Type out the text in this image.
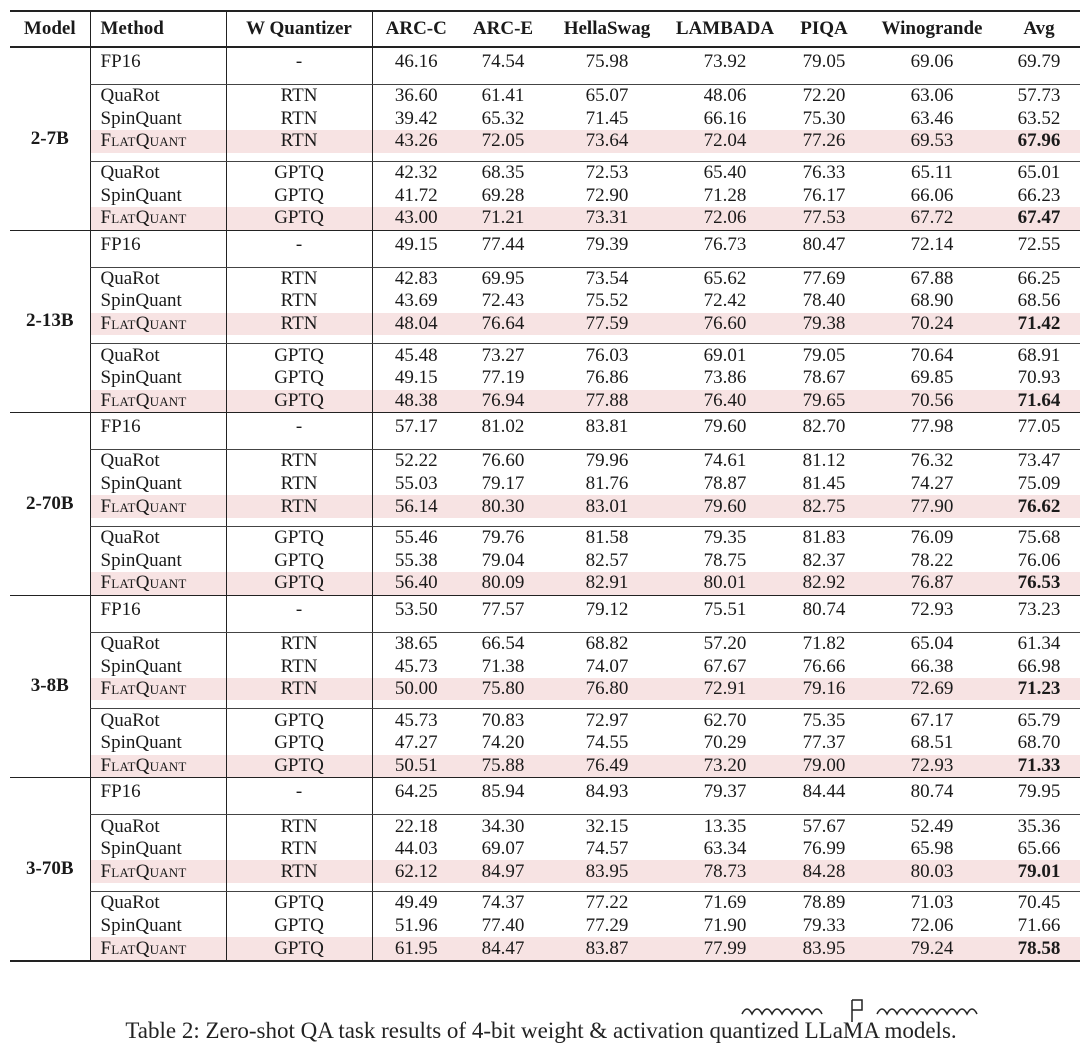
Model	Method	W Quantizer	ARC-C	ARC-E	HellaSwag	LAMBADA	PIQA	Winogrande	Avg
2-7B	FP16	-	46.16	74.54	75.98	73.92	79.05	69.06	69.79

	QuaRot	RTN	36.60	61.41	65.07	48.06	72.20	63.06	57.73
	SpinQuant	RTN	39.42	65.32	71.45	66.16	75.30	63.46	63.52
	FlatQuant	RTN	43.26	72.05	73.64	72.04	77.26	69.53	67.96

	QuaRot	GPTQ	42.32	68.35	72.53	65.40	76.33	65.11	65.01
	SpinQuant	GPTQ	41.72	69.28	72.90	71.28	76.17	66.06	66.23
	FlatQuant	GPTQ	43.00	71.21	73.31	72.06	77.53	67.72	67.47
2-13B	FP16	-	49.15	77.44	79.39	76.73	80.47	72.14	72.55

	QuaRot	RTN	42.83	69.95	73.54	65.62	77.69	67.88	66.25
	SpinQuant	RTN	43.69	72.43	75.52	72.42	78.40	68.90	68.56
	FlatQuant	RTN	48.04	76.64	77.59	76.60	79.38	70.24	71.42

	QuaRot	GPTQ	45.48	73.27	76.03	69.01	79.05	70.64	68.91
	SpinQuant	GPTQ	49.15	77.19	76.86	73.86	78.67	69.85	70.93
	FlatQuant	GPTQ	48.38	76.94	77.88	76.40	79.65	70.56	71.64
2-70B	FP16	-	57.17	81.02	83.81	79.60	82.70	77.98	77.05

	QuaRot	RTN	52.22	76.60	79.96	74.61	81.12	76.32	73.47
	SpinQuant	RTN	55.03	79.17	81.76	78.87	81.45	74.27	75.09
	FlatQuant	RTN	56.14	80.30	83.01	79.60	82.75	77.90	76.62

	QuaRot	GPTQ	55.46	79.76	81.58	79.35	81.83	76.09	75.68
	SpinQuant	GPTQ	55.38	79.04	82.57	78.75	82.37	78.22	76.06
	FlatQuant	GPTQ	56.40	80.09	82.91	80.01	82.92	76.87	76.53
3-8B	FP16	-	53.50	77.57	79.12	75.51	80.74	72.93	73.23

	QuaRot	RTN	38.65	66.54	68.82	57.20	71.82	65.04	61.34
	SpinQuant	RTN	45.73	71.38	74.07	67.67	76.66	66.38	66.98
	FlatQuant	RTN	50.00	75.80	76.80	72.91	79.16	72.69	71.23

	QuaRot	GPTQ	45.73	70.83	72.97	62.70	75.35	67.17	65.79
	SpinQuant	GPTQ	47.27	74.20	74.55	70.29	77.37	68.51	68.70
	FlatQuant	GPTQ	50.51	75.88	76.49	73.20	79.00	72.93	71.33
3-70B	FP16	-	64.25	85.94	84.93	79.37	84.44	80.74	79.95

	QuaRot	RTN	22.18	34.30	32.15	13.35	57.67	52.49	35.36
	SpinQuant	RTN	44.03	69.07	74.57	63.34	76.99	65.98	65.66
	FlatQuant	RTN	62.12	84.97	83.95	78.73	84.28	80.03	79.01

	QuaRot	GPTQ	49.49	74.37	77.22	71.69	78.89	71.03	70.45
	SpinQuant	GPTQ	51.96	77.40	77.29	71.90	79.33	72.06	71.66
	FlatQuant	GPTQ	61.95	84.47	83.87	77.99	83.95	79.24	78.58
Table 2: Zero-shot QA task results of 4-bit weight & activation quantized LLaMA models.
